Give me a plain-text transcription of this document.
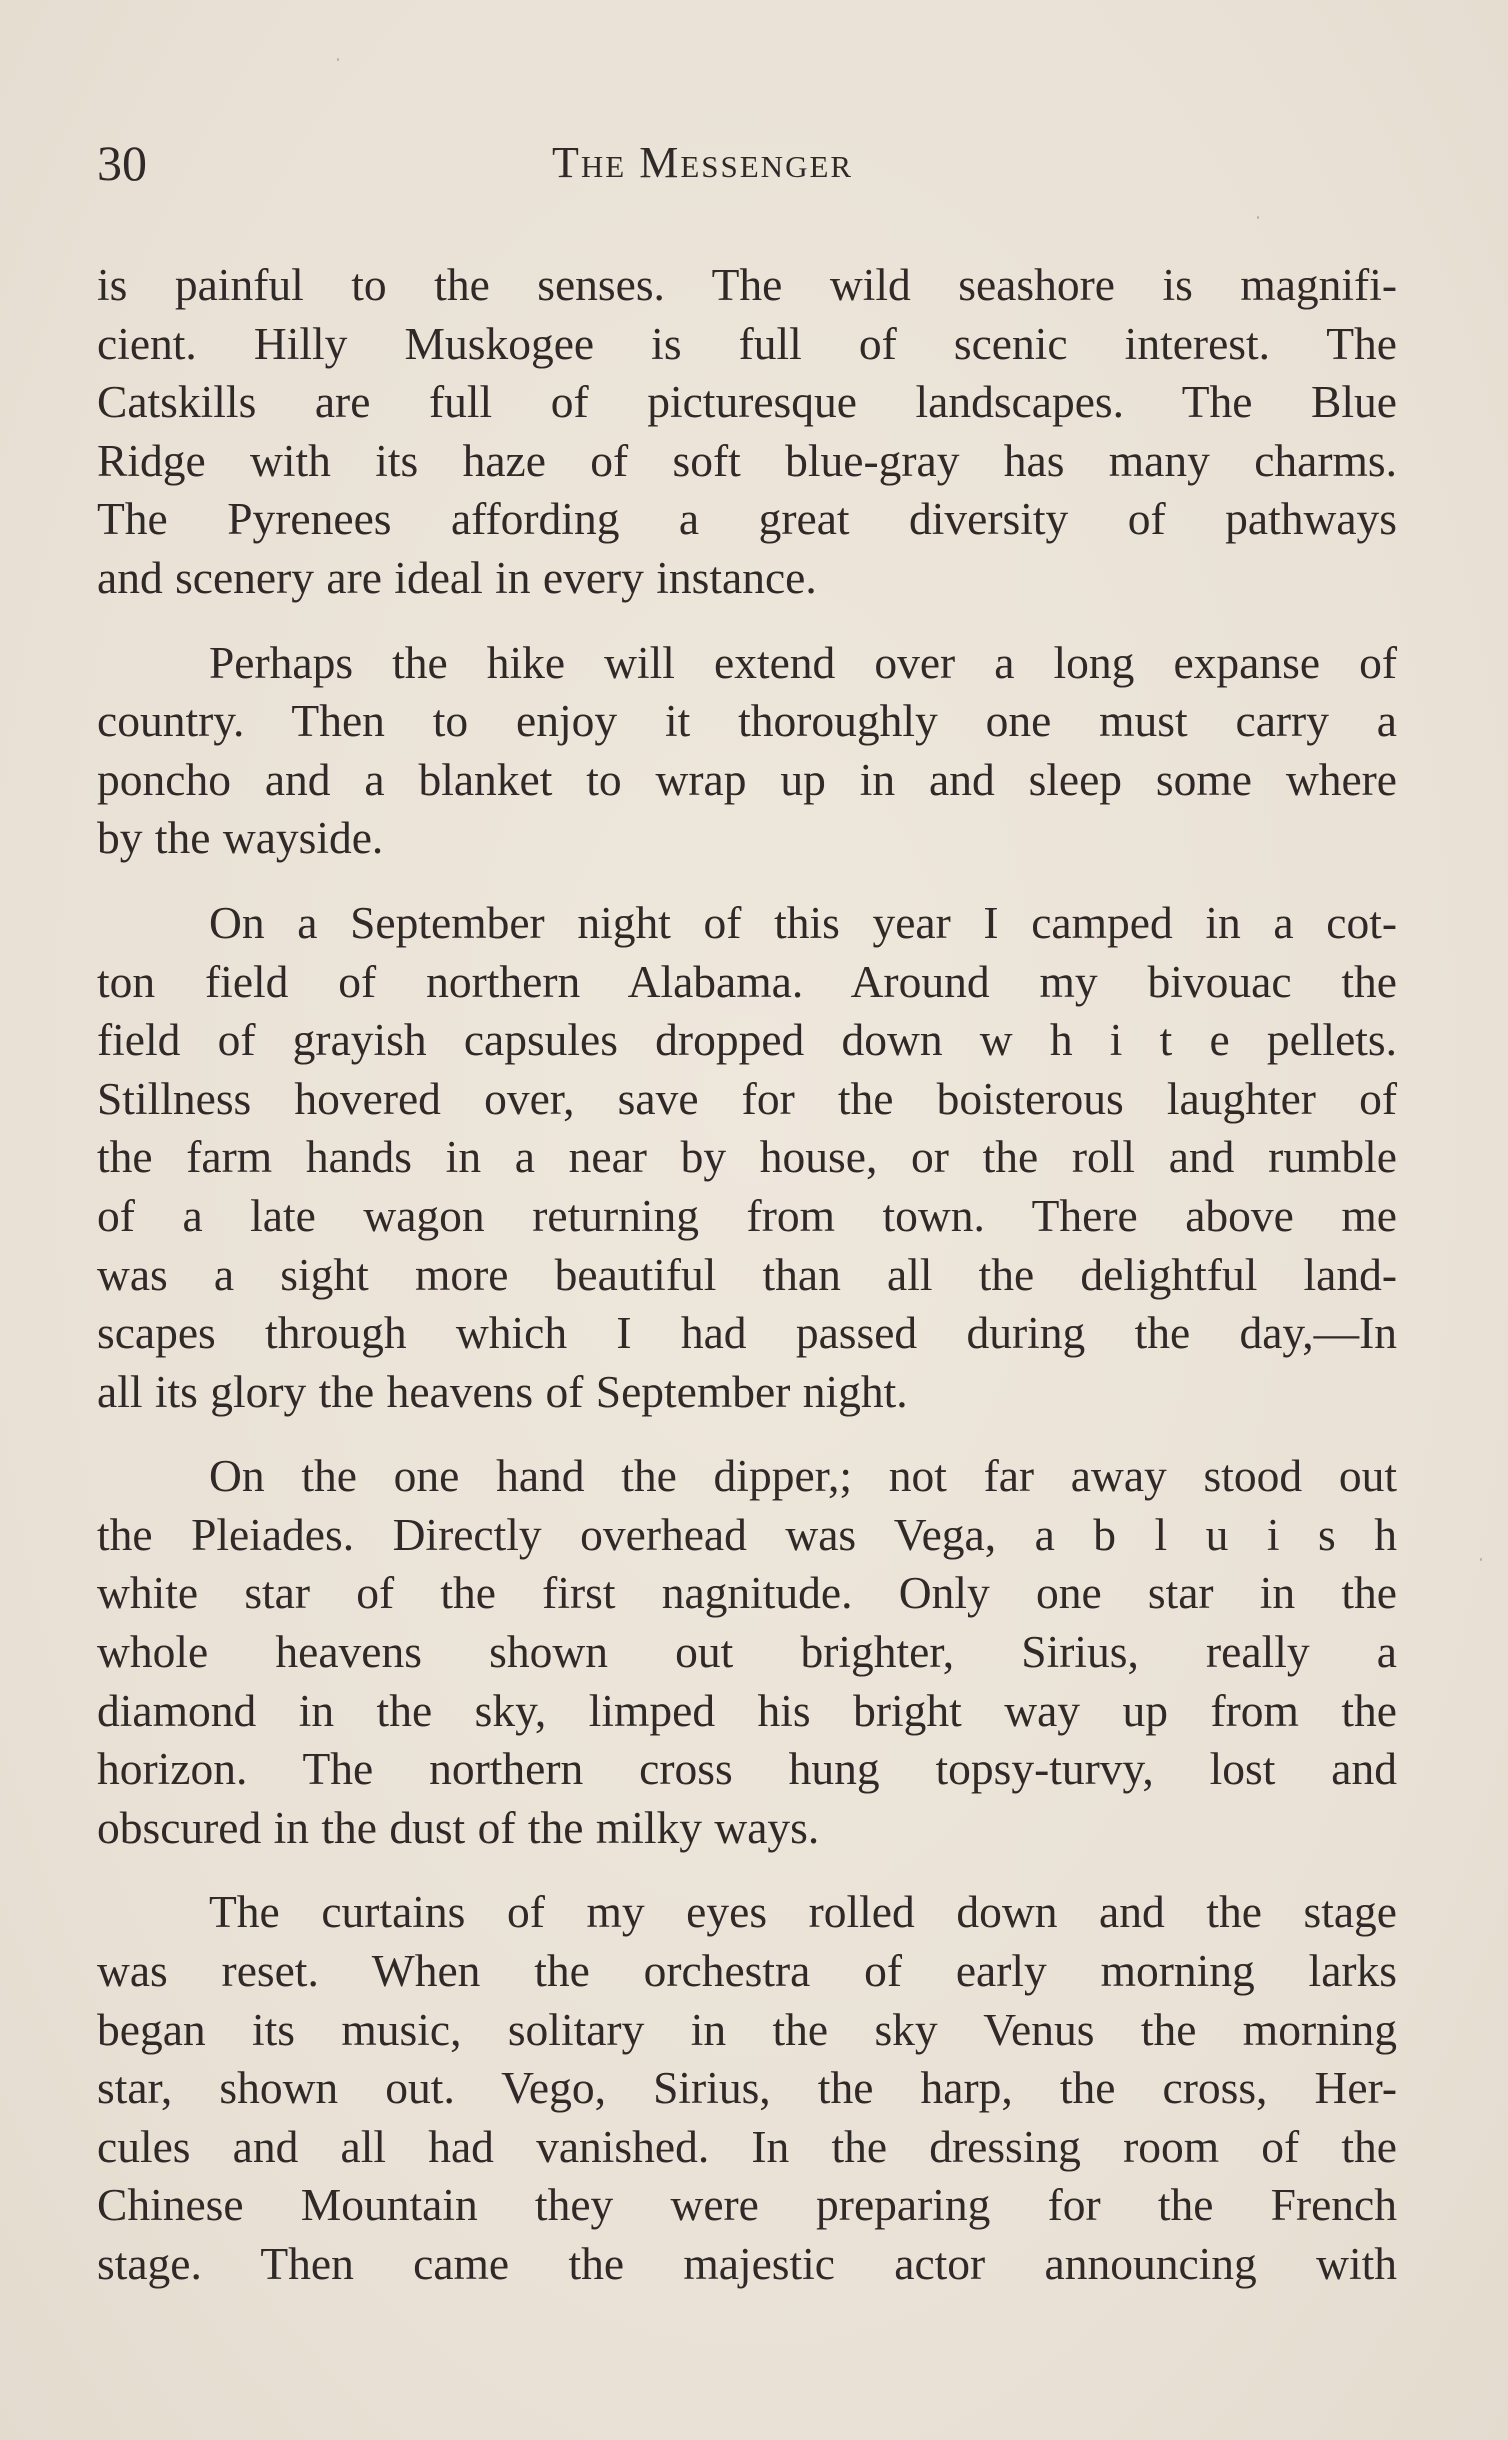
30	The Messenger
is painful to the senses. The wild seashore is magnifi-
cient. Hilly Muskogee is full of scenic interest. The
Catskills are full of picturesque landscapes. The Blue
Ridge with its haze of soft blue-gray has many charms.
The Pyrenees affording a great diversity of pathways
and scenery are ideal in every instance.
Perhaps the hike will extend over a long expanse of
country. Then to enjoy it thoroughly one must carry a
poncho and a blanket to wrap up in and sleep some where
by the wayside.
On a September night of this year I camped in a cot-
ton field of northern Alabama. Around my bivouac the
field of grayish capsules dropped down w h i t e pellets.
Stillness hovered over, save for the boisterous laughter of
the farm hands in a near by house, or the roll and rumble
of a late wagon returning from town. There above me
was a sight more beautiful than all the delightful land-
scapes through which I had passed during the day,—In
all its glory the heavens of September night.
On the one hand the dipper,; not far away stood out
the Pleiades. Directly overhead was Vega, a b l u i s h
white star of the first nagnitude. Only one star in the
whole heavens shown out brighter, Sirius, really a
diamond in the sky, limped his bright way up from the
horizon. The northern cross hung topsy-turvy, lost and
obscured in the dust of the milky ways.
The curtains of my eyes rolled down and the stage
was reset. When the orchestra of early morning larks
began its music, solitary in the sky Venus the morning
star, shown out. Vego, Sirius, the harp, the cross, Her-
cules and all had vanished. In the dressing room of the
Chinese Mountain they were preparing for the French
stage. Then came the majestic actor announcing with
